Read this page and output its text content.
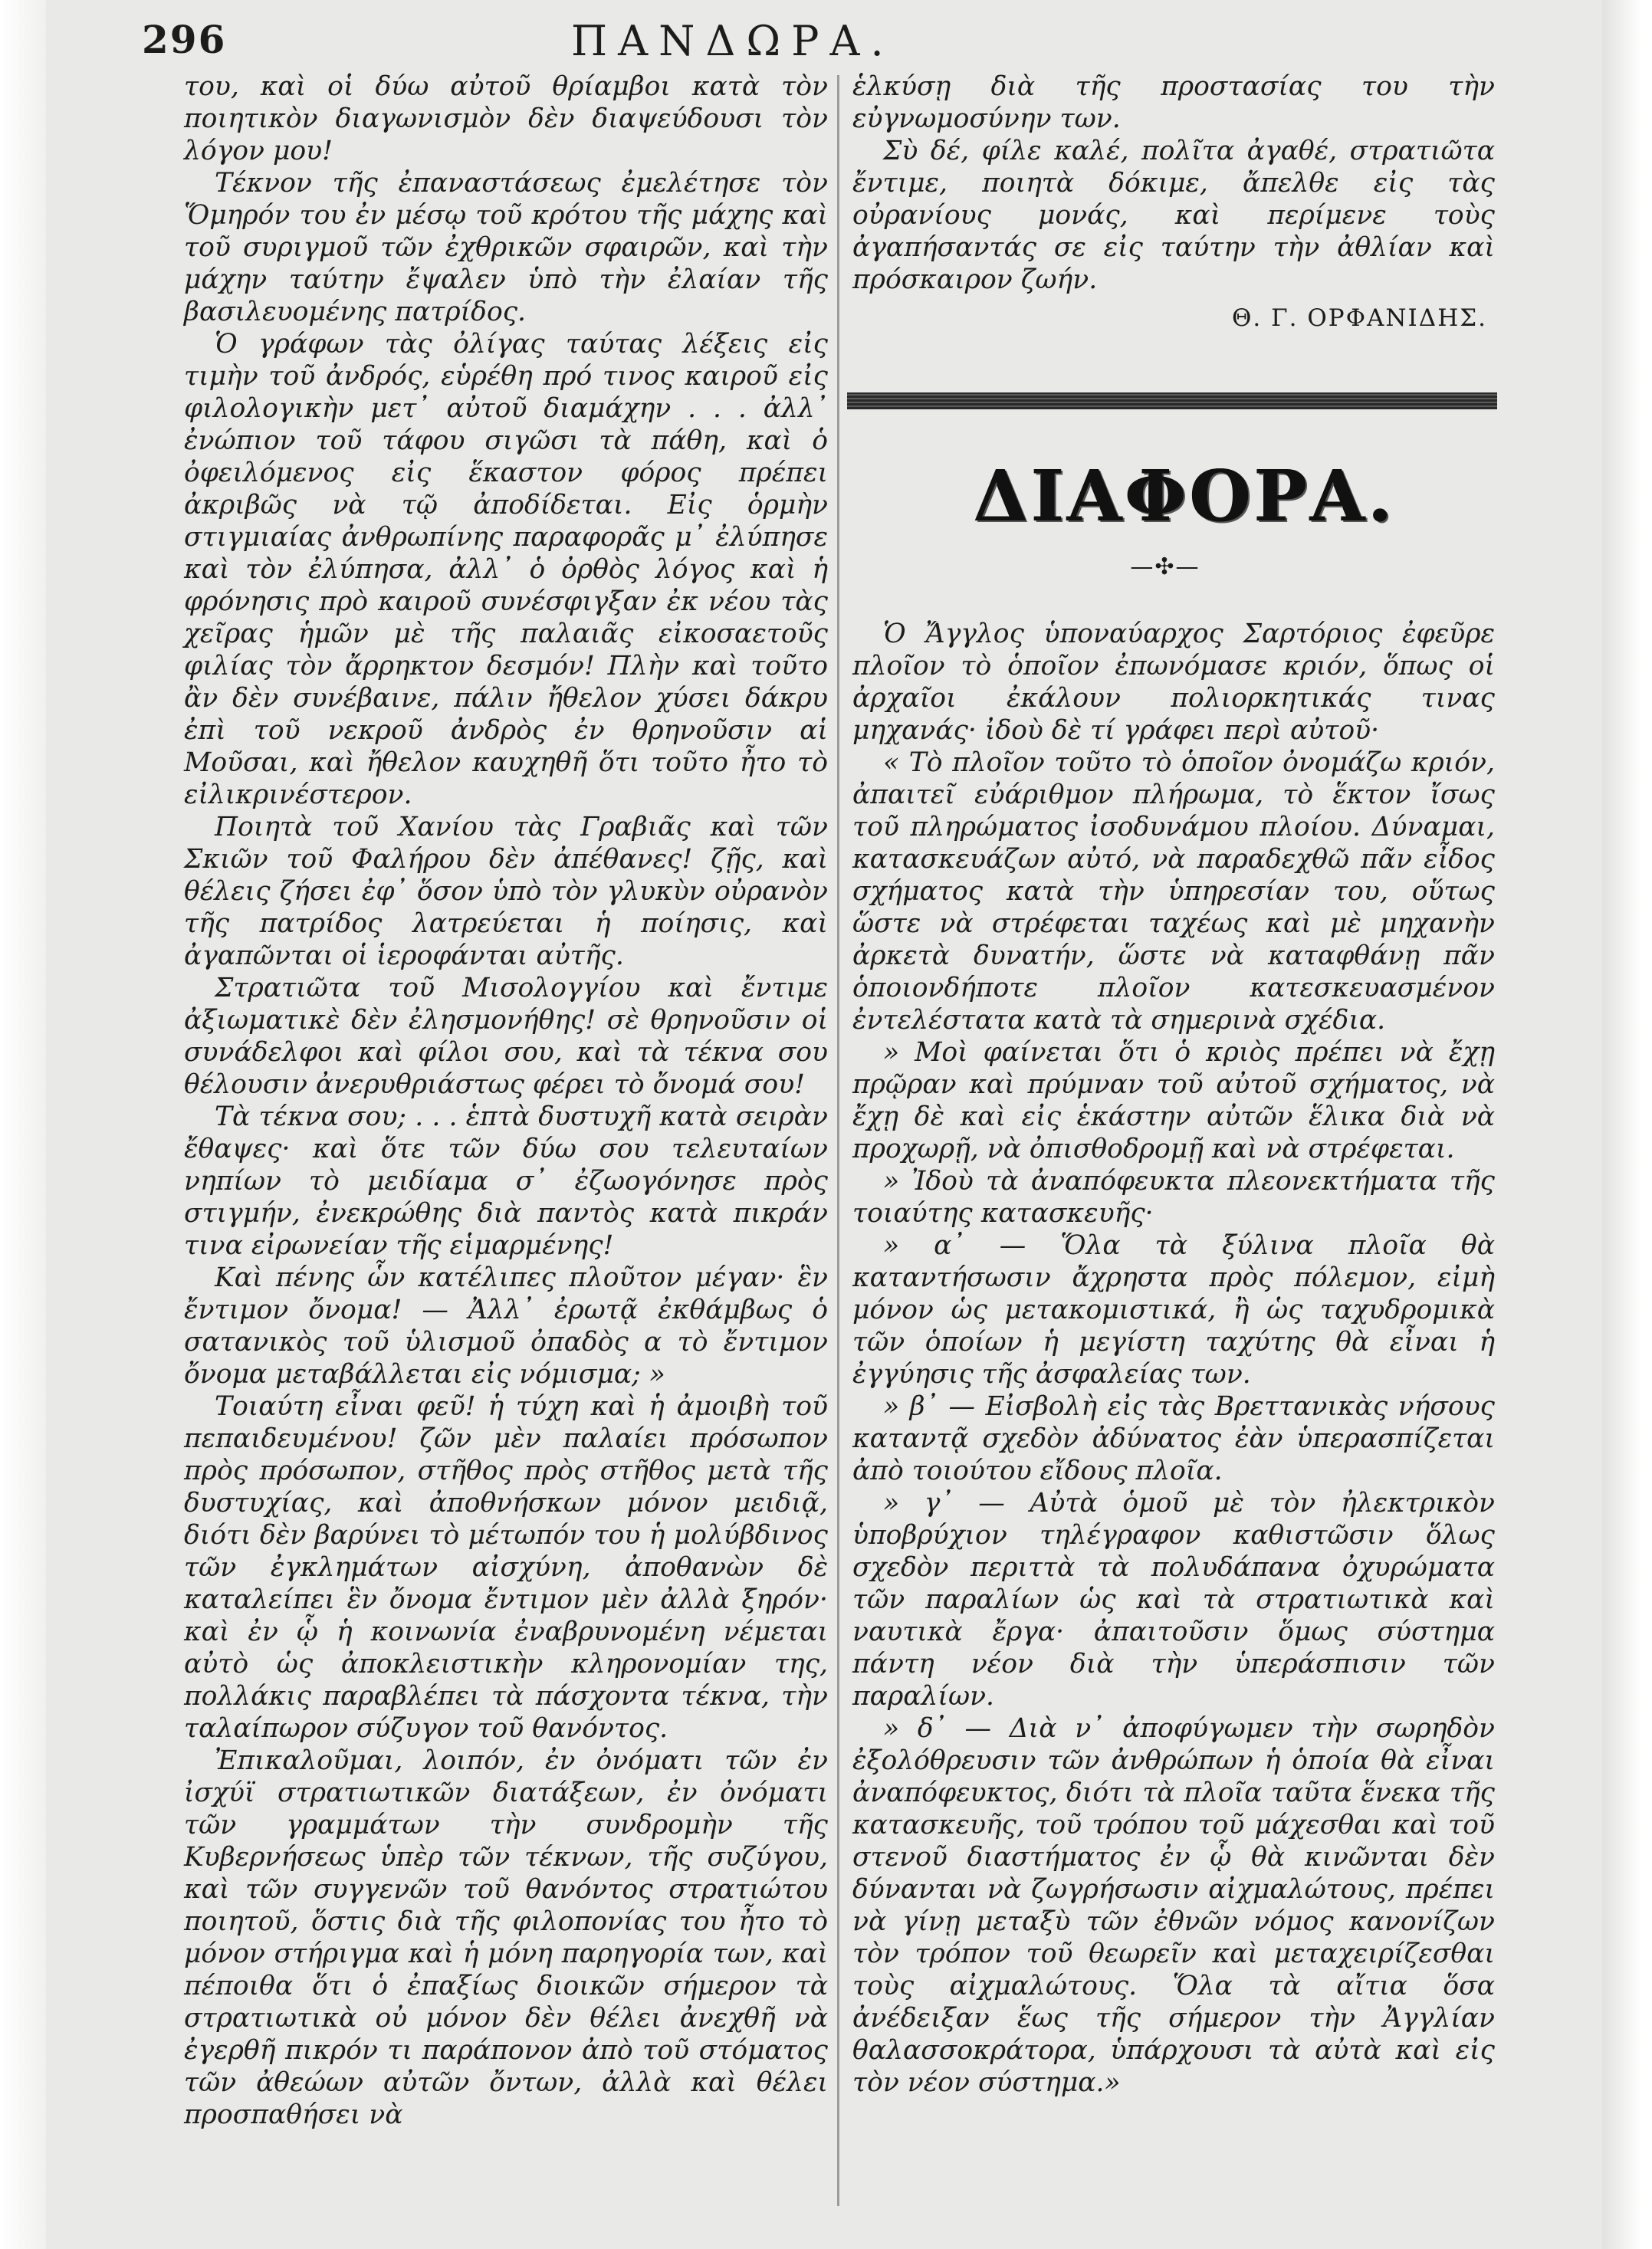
296	ΠΑΝΔΩΡΑ.

του, καὶ οἱ δύω αὐτοῦ θρίαμβοι κατὰ τὸν ποιητικὸν διαγωνισμὸν δὲν διαψεύδουσι τὸν λόγον μου!

Τέκνον τῆς ἐπαναστάσεως ἐμελέτησε τὸν Ὅμηρόν του ἐν μέσῳ τοῦ κρότου τῆς μάχης καὶ τοῦ συριγμοῦ τῶν ἐχθρικῶν σφαιρῶν, καὶ τὴν μάχην ταύτην ἔψαλεν ὑπὸ τὴν ἐλαίαν τῆς βασιλευομένης πατρίδος.

Ὁ γράφων τὰς ὀλίγας ταύτας λέξεις εἰς τιμὴν τοῦ ἀνδρός, εὑρέθη πρό τινος καιροῦ εἰς φιλολογικὴν μετ᾽ αὐτοῦ διαμάχην . . . ἀλλ᾽ ἐνώπιον τοῦ τάφου σιγῶσι τὰ πάθη, καὶ ὁ ὀφειλόμενος εἰς ἕκαστον φόρος πρέπει ἀκριβῶς νὰ τῷ ἀποδίδεται. Εἰς ὁρμὴν στιγμιαίας ἀνθρωπίνης παραφορᾶς μ᾽ ἐλύπησε καὶ τὸν ἐλύπησα, ἀλλ᾽ ὁ ὀρθὸς λόγος καὶ ἡ φρόνησις πρὸ καιροῦ συνέσφιγξαν ἐκ νέου τὰς χεῖρας ἡμῶν μὲ τῆς παλαιᾶς εἰκοσαετοῦς φιλίας τὸν ἄρρηκτον δεσμόν! Πλὴν καὶ τοῦτο ἂν δὲν συνέβαινε, πάλιν ἤθελον χύσει δάκρυ ἐπὶ τοῦ νεκροῦ ἀνδρὸς ἐν θρηνοῦσιν αἱ Μοῦσαι, καὶ ἤθελον καυχηθῆ ὅτι τοῦτο ἦτο τὸ εἰλικρινέστερον.

Ποιητὰ τοῦ Χανίου τὰς Γραβιᾶς καὶ τῶν Σκιῶν τοῦ Φαλήρου δὲν ἀπέθανες! ζῇς, καὶ θέλεις ζήσει ἐφ᾽ ὅσον ὑπὸ τὸν γλυκὺν οὐρανὸν τῆς πατρίδος λατρεύεται ἡ ποίησις, καὶ ἀγαπῶνται οἱ ἱεροφάνται αὐτῆς.

Στρατιῶτα τοῦ Μισολογγίου καὶ ἔντιμε ἀξιωματικὲ δὲν ἐλησμονήθης! σὲ θρηνοῦσιν οἱ συνάδελφοι καὶ φίλοι σου, καὶ τὰ τέκνα σου θέλουσιν ἀνερυθριάστως φέρει τὸ ὄνομά σου!

Τὰ τέκνα σου; . . . ἑπτὰ δυστυχῆ κατὰ σειρὰν ἔθαψες· καὶ ὅτε τῶν δύω σου τελευταίων νηπίων τὸ μειδίαμα σ᾽ ἐζωογόνησε πρὸς στιγμήν, ἐνεκρώθης διὰ παντὸς κατὰ πικράν τινα εἰρωνείαν τῆς εἱμαρμένης!

Καὶ πένης ὧν κατέλιπες πλοῦτον μέγαν· ἓν ἔντιμον ὄνομα! — Ἀλλ᾽ ἐρωτᾷ ἐκθάμβως ὁ σατανικὸς τοῦ ὑλισμοῦ ὀπαδὸς α τὸ ἔντιμον ὄνομα μεταβάλλεται εἰς νόμισμα; »

Τοιαύτη εἶναι φεῦ! ἡ τύχη καὶ ἡ ἀμοιβὴ τοῦ πεπαιδευμένου! ζῶν μὲν παλαίει πρόσωπον πρὸς πρόσωπον, στῆθος πρὸς στῆθος μετὰ τῆς δυστυχίας, καὶ ἀποθνήσκων μόνον μειδιᾷ, διότι δὲν βαρύνει τὸ μέτωπόν του ἡ μολύβδινος τῶν ἐγκλημάτων αἰσχύνη, ἀποθανὼν δὲ καταλείπει ἓν ὄνομα ἔντιμον μὲν ἀλλὰ ξηρόν· καὶ ἐν ᾧ ἡ κοινωνία ἐναβρυνομένη νέμεται αὐτὸ ὡς ἀποκλειστικὴν κληρονομίαν της, πολλάκις παραβλέπει τὰ πάσχοντα τέκνα, τὴν ταλαίπωρον σύζυγον τοῦ θανόντος.

Ἐπικαλοῦμαι, λοιπόν, ἐν ὀνόματι τῶν ἐν ἰσχύϊ στρατιωτικῶν διατάξεων, ἐν ὀνόματι τῶν γραμμάτων τὴν συνδρομὴν τῆς Κυβερνήσεως ὑπὲρ τῶν τέκνων, τῆς συζύγου, καὶ τῶν συγγενῶν τοῦ θανόντος στρατιώτου ποιητοῦ, ὅστις διὰ τῆς φιλοπονίας του ἦτο τὸ μόνον στήριγμα καὶ ἡ μόνη παρηγορία των, καὶ πέποιθα ὅτι ὁ ἐπαξίως διοικῶν σήμερον τὰ στρατιωτικὰ οὐ μόνον δὲν θέλει ἀνεχθῆ νὰ ἐγερθῆ πικρόν τι παράπονον ἀπὸ τοῦ στόματος τῶν ἀθεώων αὐτῶν ὄντων, ἀλλὰ καὶ θέλει προσπαθήσει νὰ

ἑλκύσῃ διὰ τῆς προστασίας του τὴν εὐγνωμοσύνην των.

Σὺ δέ, φίλε καλέ, πολῖτα ἀγαθέ, στρατιῶτα ἔντιμε, ποιητὰ δόκιμε, ἄπελθε εἰς τὰς οὐρανίους μονάς, καὶ περίμενε τοὺς ἀγαπήσαντάς σε εἰς ταύτην τὴν ἀθλίαν καὶ πρόσκαιρον ζωήν.

Θ. Γ. ΟΡΦΑΝΙΔΗΣ.

ΔΙΑΦΟΡΑ.
—✣—

Ὁ Ἄγγλος ὑποναύαρχος Σαρτόριος ἐφεῦρε πλοῖον τὸ ὁποῖον ἐπωνόμασε κριόν, ὅπως οἱ ἀρχαῖοι ἐκάλουν πολιορκητικάς τινας μηχανάς· ἰδοὺ δὲ τί γράφει περὶ αὐτοῦ·

« Τὸ πλοῖον τοῦτο τὸ ὁποῖον ὀνομάζω κριόν, ἀπαιτεῖ εὐάριθμον πλήρωμα, τὸ ἕκτον ἴσως τοῦ πληρώματος ἰσοδυνάμου πλοίου. Δύναμαι, κατασκευάζων αὐτό, νὰ παραδεχθῶ πᾶν εἶδος σχήματος κατὰ τὴν ὑπηρεσίαν του, οὕτως ὥστε νὰ στρέφεται ταχέως καὶ μὲ μηχανὴν ἀρκετὰ δυνατήν, ὥστε νὰ καταφθάνῃ πᾶν ὁποιονδήποτε πλοῖον κατεσκευασμένον ἐντελέστατα κατὰ τὰ σημερινὰ σχέδια.

» Μοὶ φαίνεται ὅτι ὁ κριὸς πρέπει νὰ ἔχῃ πρῷραν καὶ πρύμναν τοῦ αὐτοῦ σχήματος, νὰ ἔχῃ δὲ καὶ εἰς ἑκάστην αὐτῶν ἕλικα διὰ νὰ προχωρῇ, νὰ ὀπισθοδρομῇ καὶ νὰ στρέφεται.

» Ἰδοὺ τὰ ἀναπόφευκτα πλεονεκτήματα τῆς τοιαύτης κατασκευῆς·

» α᾽ — Ὅλα τὰ ξύλινα πλοῖα θὰ καταντήσωσιν ἄχρηστα πρὸς πόλεμον, εἰμὴ μόνον ὡς μετακομιστικά, ἢ ὡς ταχυδρομικὰ τῶν ὁποίων ἡ μεγίστη ταχύτης θὰ εἶναι ἡ ἐγγύησις τῆς ἀσφαλείας των.

» β᾽ — Εἰσβολὴ εἰς τὰς Βρεττανικὰς νήσους καταντᾷ σχεδὸν ἀδύνατος ἐὰν ὑπερασπίζεται ἀπὸ τοιούτου εἴδους πλοῖα.

» γ᾽ — Αὐτὰ ὁμοῦ μὲ τὸν ἠλεκτρικὸν ὑποβρύχιον τηλέγραφον καθιστῶσιν ὅλως σχεδὸν περιττὰ τὰ πολυδάπανα ὀχυρώματα τῶν παραλίων ὡς καὶ τὰ στρατιωτικὰ καὶ ναυτικὰ ἔργα· ἀπαιτοῦσιν ὅμως σύστημα πάντη νέον διὰ τὴν ὑπεράσπισιν τῶν παραλίων.

» δ᾽ — Διὰ ν᾽ ἀποφύγωμεν τὴν σωρηδὸν ἐξολόθρευσιν τῶν ἀνθρώπων ἡ ὁποία θὰ εἶναι ἀναπόφευκτος, διότι τὰ πλοῖα ταῦτα ἕνεκα τῆς κατασκευῆς, τοῦ τρόπου τοῦ μάχεσθαι καὶ τοῦ στενοῦ διαστήματος ἐν ᾧ θὰ κινῶνται δὲν δύνανται νὰ ζωγρήσωσιν αἰχμαλώτους, πρέπει νὰ γίνῃ μεταξὺ τῶν ἐθνῶν νόμος κανονίζων τὸν τρόπον τοῦ θεωρεῖν καὶ μεταχειρίζεσθαι τοὺς αἰχμαλώτους. Ὅλα τὰ αἴτια ὅσα ἀνέδειξαν ἕως τῆς σήμερον τὴν Ἀγγλίαν θαλασσοκράτορα, ὑπάρχουσι τὰ αὐτὰ καὶ εἰς τὸν νέον σύστημα.»
